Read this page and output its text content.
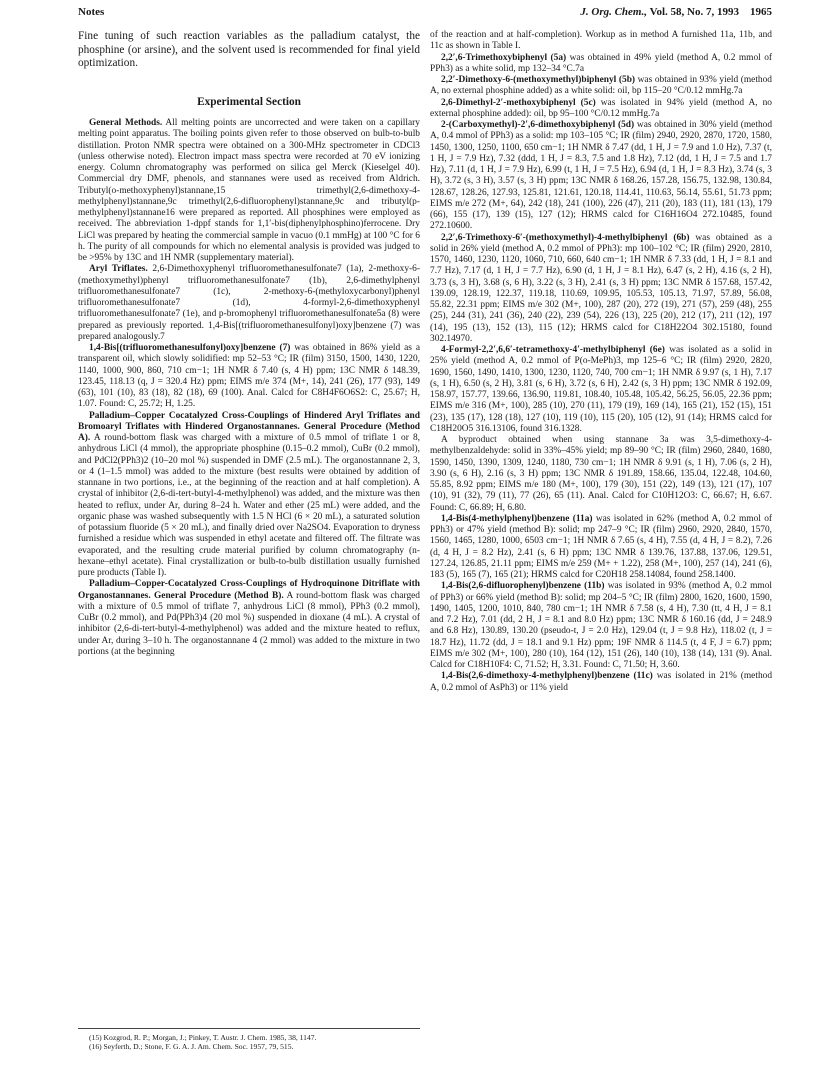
Notes	J. Org. Chem., Vol. 58, No. 7, 1993 1965

Fine tuning of such reaction variables as the palladium catalyst, the phosphine (or arsine), and the solvent used is recommended for final yield optimization.

Experimental Section

General Methods. All melting points are uncorrected and were taken on a capillary melting point apparatus. The boiling points given refer to those observed on bulb-to-bulb distillation. Proton NMR spectra were obtained on a 300-MHz spectrometer in CDCl3 (unless otherwise noted). Electron impact mass spectra were recorded at 70 eV ionizing energy. Column chromatography was performed on silica gel Merck (Kieselgel 40). Commercial dry DMF, phenols, and stannanes were used as received from Aldrich. Tributyl(o-methoxyphenyl)stannane,15 trimethyl(2,6-dimethoxy-4-methylphenyl)stannane,9c trimethyl(2,6-difluorophenyl)stannane,9c and tributyl(p-methylphenyl)stannane16 were prepared as reported. All phosphines were employed as received. The abbreviation 1-dppf stands for 1,1′-bis(diphenylphosphino)ferrocene. Dry LiCl was prepared by heating the commercial sample in vacuo (0.1 mmHg) at 100 °C for 6 h. The purity of all compounds for which no elemental analysis is provided was judged to be >95% by 13C and 1H NMR (supplementary material).

Aryl Triflates. 2,6-Dimethoxyphenyl trifluoromethanesulfonate7 (1a), 2-methoxy-6-(methoxymethyl)phenyl trifluoromethanesulfonate7 (1b), 2,6-dimethylphenyl trifluoromethanesulfonate7 (1c), 2-methoxy-6-(methyloxycarbonyl)phenyl trifluoromethanesulfonate7 (1d), 4-formyl-2,6-dimethoxyphenyl trifluoromethanesulfonate7 (1e), and p-bromophenyl trifluoromethanesulfonate5a (8) were prepared as previously reported. 1,4-Bis[(trifluoromethanesulfonyl)oxy]benzene (7) was prepared analogously.7

1,4-Bis[(trifluoromethanesulfonyl)oxy]benzene (7) was obtained in 86% yield as a transparent oil, which slowly solidified: mp 52–53 °C; IR (film) 3150, 1500, 1430, 1220, 1140, 1000, 900, 860, 710 cm−1; 1H NMR δ 7.40 (s, 4 H) ppm; 13C NMR δ 148.39, 123.45, 118.13 (q, J = 320.4 Hz) ppm; EIMS m/e 374 (M+, 14), 241 (26), 177 (93), 149 (63), 101 (10), 83 (18), 82 (18), 69 (100). Anal. Calcd for C8H4F6O6S2: C, 25.67; H, 1.07. Found: C, 25.72; H, 1.25.

Palladium–Copper Cocatalyzed Cross-Couplings of Hindered Aryl Triflates and Bromoaryl Triflates with Hindered Organostannanes. General Procedure (Method A). A round-bottom flask was charged with a mixture of 0.5 mmol of triflate 1 or 8, anhydrous LiCl (4 mmol), the appropriate phosphine (0.15–0.2 mmol), CuBr (0.2 mmol), and PdCl2(PPh3)2 (10–20 mol %) suspended in DMF (2.5 mL). The organostannane 2, 3, or 4 (1–1.5 mmol) was added to the mixture (best results were obtained by addition of stannane in two portions, i.e., at the beginning of the reaction and at half completion). A crystal of inhibitor (2,6-di-tert-butyl-4-methylphenol) was added, and the mixture was then heated to reflux, under Ar, during 8–24 h. Water and ether (25 mL) were added, and the organic phase was washed subsequently with 1.5 N HCl (6 × 20 mL), a saturated solution of potassium fluoride (5 × 20 mL), and finally dried over Na2SO4. Evaporation to dryness furnished a residue which was suspended in ethyl acetate and filtered off. The filtrate was evaporated, and the resulting crude material purified by column chromatography (n-hexane–ethyl acetate). Final crystallization or bulb-to-bulb distillation usually furnished pure products (Table I).

Palladium–Copper-Cocatalyzed Cross-Couplings of Hydroquinone Ditriflate with Organostannanes. General Procedure (Method B). A round-bottom flask was charged with a mixture of 0.5 mmol of triflate 7, anhydrous LiCl (8 mmol), PPh3 (0.2 mmol), CuBr (0.2 mmol), and Pd(PPh3)4 (20 mol %) suspended in dioxane (4 mL). A crystal of inhibitor (2,6-di-tert-butyl-4-methylphenol) was added and the mixture heated to reflux, under Ar, during 3–10 h. The organostannane 4 (2 mmol) was added to the mixture in two portions (at the beginning

(15) Kozgrod, R. P.; Morgan, J.; Pinkey, T. Austr. J. Chem. 1985, 38, 1147.

(16) Seyferth, D.; Stone, F. G. A. J. Am. Chem. Soc. 1957, 79, 515.

of the reaction and at half-completion). Workup as in method A furnished 11a, 11b, and 11c as shown in Table I.

2,2′,6-Trimethoxybiphenyl (5a) was obtained in 49% yield (method A, 0.2 mmol of PPh3) as a white solid, mp 132–34 °C.7a

2,2′-Dimethoxy-6-(methoxymethyl)biphenyl (5b) was obtained in 93% yield (method A, no external phosphine added) as a white solid: oil, bp 115–20 °C/0.12 mmHg.7a

2,6-Dimethyl-2′-methoxybiphenyl (5c) was isolated in 94% yield (method A, no external phosphine added): oil, bp 95–100 °C/0.12 mmHg.7a

2-(Carboxymethyl)-2′,6-dimethoxybiphenyl (5d) was obtained in 30% yield (method A, 0.4 mmol of PPh3) as a solid: mp 103–105 °C; IR (film) 2940, 2920, 2870, 1720, 1580, 1450, 1300, 1250, 1100, 650 cm−1; 1H NMR δ 7.47 (dd, 1 H, J = 7.9 and 1.0 Hz), 7.37 (t, 1 H, J = 7.9 Hz), 7.32 (ddd, 1 H, J = 8.3, 7.5 and 1.8 Hz), 7.12 (dd, 1 H, J = 7.5 and 1.7 Hz), 7.11 (d, 1 H, J = 7.9 Hz), 6.99 (t, 1 H, J = 7.5 Hz), 6.94 (d, 1 H, J = 8.3 Hz), 3.74 (s, 3 H), 3.72 (s, 3 H), 3.57 (s, 3 H) ppm; 13C NMR δ 168.26, 157.28, 156.75, 132.98, 130.84, 128.67, 128.26, 127.93, 125.81, 121.61, 120.18, 114.41, 110.63, 56.14, 55.61, 51.73 ppm; EIMS m/e 272 (M+, 64), 242 (18), 241 (100), 226 (47), 211 (20), 183 (11), 181 (13), 179 (66), 155 (17), 139 (15), 127 (12); HRMS calcd for C16H16O4 272.10485, found 272.10600.

2,2′,6-Trimethoxy-6′-(methoxymethyl)-4-methylbiphenyl (6b) was obtained as a solid in 26% yield (method A, 0.2 mmol of PPh3): mp 100–102 °C; IR (film) 2920, 2810, 1570, 1460, 1230, 1120, 1060, 710, 660, 640 cm−1; 1H NMR δ 7.33 (dd, 1 H, J = 8.1 and 7.7 Hz), 7.17 (d, 1 H, J = 7.7 Hz), 6.90 (d, 1 H, J = 8.1 Hz), 6.47 (s, 2 H), 4.16 (s, 2 H), 3.73 (s, 3 H), 3.68 (s, 6 H), 3.22 (s, 3 H), 2.41 (s, 3 H) ppm; 13C NMR δ 157.68, 157.42, 139.09, 128.19, 122.37, 119.18, 110.69, 109.95, 105.53, 105.13, 71.97, 57.89, 56.08, 55.82, 22.31 ppm; EIMS m/e 302 (M+, 100), 287 (20), 272 (19), 271 (57), 259 (48), 255 (25), 244 (31), 241 (36), 240 (22), 239 (54), 226 (13), 225 (20), 212 (17), 211 (12), 197 (14), 195 (13), 152 (13), 115 (12); HRMS calcd for C18H22O4 302.15180, found 302.14970.

4-Formyl-2,2′,6,6′-tetramethoxy-4′-methylbiphenyl (6e) was isolated as a solid in 25% yield (method A, 0.2 mmol of P(o-MePh)3, mp 125–6 °C; IR (film) 2920, 2820, 1690, 1560, 1490, 1410, 1300, 1230, 1120, 740, 700 cm−1; 1H NMR δ 9.97 (s, 1 H), 7.17 (s, 1 H), 6.50 (s, 2 H), 3.81 (s, 6 H), 3.72 (s, 6 H), 2.42 (s, 3 H) ppm; 13C NMR δ 192.09, 158.97, 157.77, 139.66, 136.90, 119.81, 108.40, 105.48, 105.42, 56.25, 56.05, 22.36 ppm; EIMS m/e 316 (M+, 100), 285 (10), 270 (11), 179 (19), 169 (14), 165 (21), 152 (15), 151 (23), 135 (17), 128 (18), 127 (10), 119 (10), 115 (20), 105 (12), 91 (14); HRMS calcd for C18H20O5 316.13106, found 316.1328.

A byproduct obtained when using stannane 3a was 3,5-dimethoxy-4-methylbenzaldehyde: solid in 33%–45% yield; mp 89–90 °C; IR (film) 2960, 2840, 1680, 1590, 1450, 1390, 1309, 1240, 1180, 730 cm−1; 1H NMR δ 9.91 (s, 1 H), 7.06 (s, 2 H), 3.90 (s, 6 H), 2.16 (s, 3 H) ppm; 13C NMR δ 191.89, 158.66, 135.04, 122.48, 104.60, 55.85, 8.92 ppm; EIMS m/e 180 (M+, 100), 179 (30), 151 (22), 149 (13), 121 (17), 107 (10), 91 (32), 79 (11), 77 (26), 65 (11). Anal. Calcd for C10H12O3: C, 66.67; H, 6.67. Found: C, 66.89; H, 6.80.

1,4-Bis(4-methylphenyl)benzene (11a) was isolated in 62% (method A, 0.2 mmol of PPh3) or 47% yield (method B): solid; mp 247–9 °C; IR (film) 2960, 2920, 2840, 1570, 1560, 1465, 1280, 1000, 6503 cm−1; 1H NMR δ 7.65 (s, 4 H), 7.55 (d, 4 H, J = 8.2), 7.26 (d, 4 H, J = 8.2 Hz), 2.41 (s, 6 H) ppm; 13C NMR δ 139.76, 137.88, 137.06, 129.51, 127.24, 126.85, 21.11 ppm; EIMS m/e 259 (M+ + 1.22), 258 (M+, 100), 257 (14), 241 (6), 183 (5), 165 (7), 165 (21); HRMS calcd for C20H18 258.14084, found 258.1400.

1,4-Bis(2,6-difluorophenyl)benzene (11b) was isolated in 93% (method A, 0.2 mmol of PPh3) or 66% yield (method B): solid; mp 204–5 °C; IR (film) 2800, 1620, 1600, 1590, 1490, 1405, 1200, 1010, 840, 780 cm−1; 1H NMR δ 7.58 (s, 4 H), 7.30 (tt, 4 H, J = 8.1 and 7.2 Hz), 7.01 (dd, 2 H, J = 8.1 and 8.0 Hz) ppm; 13C NMR δ 160.16 (dd, J = 248.9 and 6.8 Hz), 130.89, 130.20 (pseudo-t, J = 2.0 Hz), 129.04 (t, J = 9.8 Hz), 118.02 (t, J = 18.7 Hz), 11.72 (dd, J = 18.1 and 9.1 Hz) ppm; 19F NMR δ 114.5 (t, 4 F, J = 6.7) ppm; EIMS m/e 302 (M+, 100), 280 (10), 164 (12), 151 (26), 140 (10), 138 (14), 131 (9). Anal. Calcd for C18H10F4: C, 71.52; H, 3.31. Found: C, 71.50; H, 3.60.

1,4-Bis(2,6-dimethoxy-4-methylphenyl)benzene (11c) was isolated in 21% (method A, 0.2 mmol of AsPh3) or 11% yield
